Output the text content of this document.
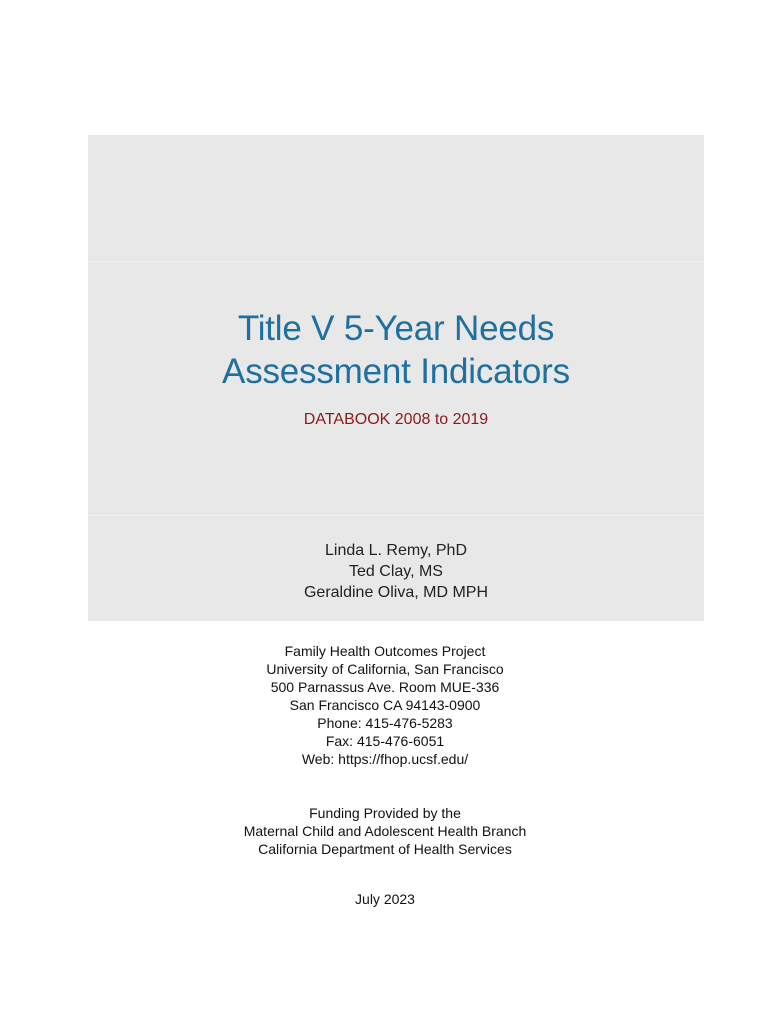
Title V 5-Year Needs
Assessment Indicators
DATABOOK 2008 to 2019
Linda L. Remy, PhD
Ted Clay, MS
Geraldine Oliva, MD MPH
Family Health Outcomes Project
University of California, San Francisco
500 Parnassus Ave. Room MUE-336
San Francisco CA 94143-0900
Phone: 415-476-5283
Fax: 415-476-6051
Web: https://fhop.ucsf.edu/
Funding Provided by the
Maternal Child and Adolescent Health Branch
California Department of Health Services
July 2023
